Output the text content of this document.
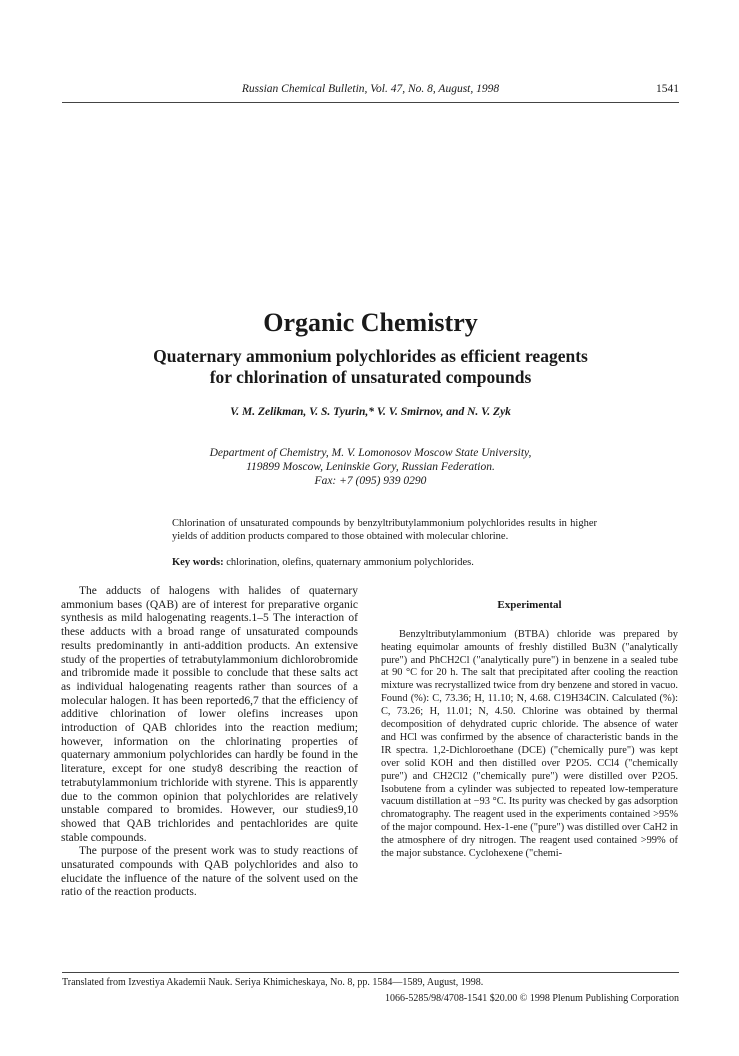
Russian Chemical Bulletin, Vol. 47, No. 8, August, 1998	1541
Organic Chemistry
Quaternary ammonium polychlorides as efficient reagents
for chlorination of unsaturated compounds
V. M. Zelikman, V. S. Tyurin,* V. V. Smirnov, and N. V. Zyk
Department of Chemistry, M. V. Lomonosov Moscow State University,
119899 Moscow, Leninskie Gory, Russian Federation.
Fax: +7 (095) 939 0290
Chlorination of unsaturated compounds by benzyltributylammonium polychlorides results in higher yields of addition products compared to those obtained with molecular chlorine.
Key words: chlorination, olefins, quaternary ammonium polychlorides.

The adducts of halogens with halides of quaternary ammonium bases (QAB) are of interest for preparative organic synthesis as mild halogenating reagents.1–5 The interaction of these adducts with a broad range of unsaturated compounds results predominantly in anti-addition products. An extensive study of the properties of tetrabutylammonium dichlorobromide and tribromide made it possible to conclude that these salts act as individual halogenating reagents rather than sources of a molecular halogen. It has been reported6,7 that the efficiency of additive chlorination of lower olefins increases upon introduction of QAB chlorides into the reaction medium; however, information on the chlorinating properties of quaternary ammonium polychlorides can hardly be found in the literature, except for one study8 describing the reaction of tetrabutylammonium trichloride with styrene. This is apparently due to the common opinion that polychlorides are relatively unstable compared to bromides. However, our studies9,10 showed that QAB trichlorides and pentachlorides are quite stable compounds.

The purpose of the present work was to study reactions of unsaturated compounds with QAB polychlorides and also to elucidate the influence of the nature of the solvent used on the ratio of the reaction products.

Experimental

Benzyltributylammonium (BTBA) chloride was prepared by heating equimolar amounts of freshly distilled Bu3N ("analytically pure") and PhCH2Cl ("analytically pure") in benzene in a sealed tube at 90 °C for 20 h. The salt that precipitated after cooling the reaction mixture was recrystallized twice from dry benzene and stored in vacuo. Found (%): C, 73.36; H, 11.10; N, 4.68. C19H34ClN. Calculated (%): C, 73.26; H, 11.01; N, 4.50. Chlorine was obtained by thermal decomposition of dehydrated cupric chloride. The absence of water and HCl was confirmed by the absence of characteristic bands in the IR spectra. 1,2-Dichloroethane (DCE) ("chemically pure") was kept over solid KOH and then distilled over P2O5. CCl4 ("chemically pure") and CH2Cl2 ("chemically pure") were distilled over P2O5. Isobutene from a cylinder was subjected to repeated low-temperature vacuum distillation at −93 °C. Its purity was checked by gas adsorption chromatography. The reagent used in the experiments contained >95% of the major compound. Hex-1-ene ("pure") was distilled over CaH2 in the atmosphere of dry nitrogen. The reagent used contained >99% of the major substance. Cyclohexene ("chemi-

Translated from Izvestiya Akademii Nauk. Seriya Khimicheskaya, No. 8, pp. 1584—1589, August, 1998.
1066-5285/98/4708-1541 $20.00 © 1998 Plenum Publishing Corporation
